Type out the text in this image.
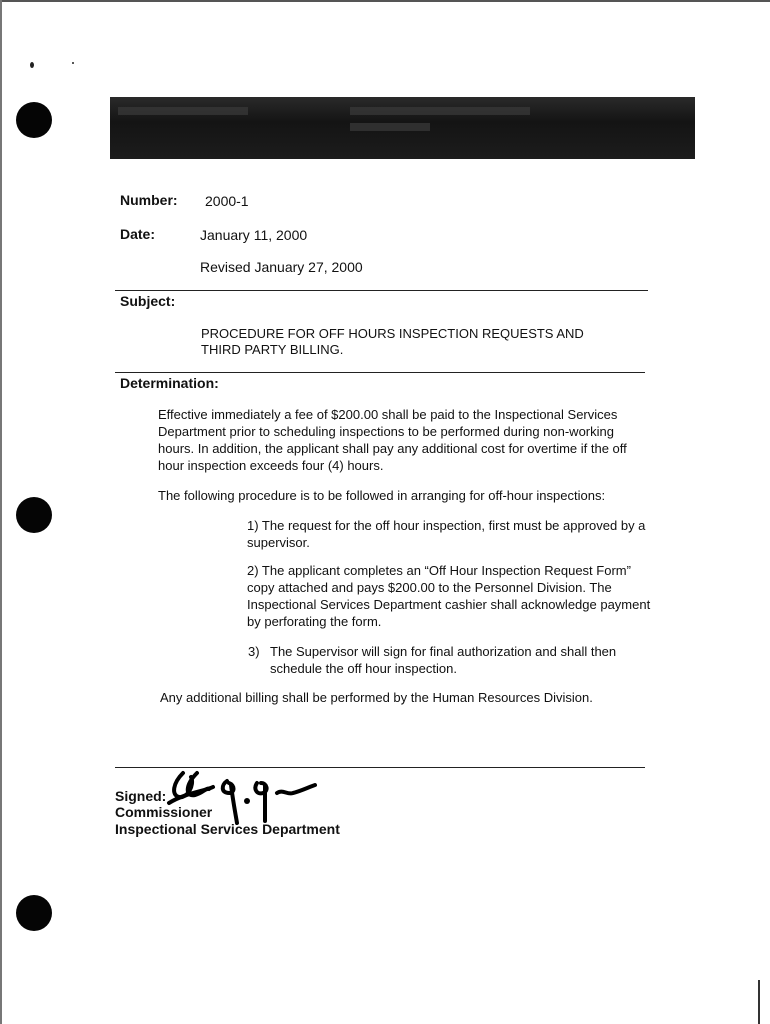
Number: 2000-1
Date:	January 11, 2000
Revised January 27, 2000
Subject:
PROCEDURE FOR OFF HOURS INSPECTION REQUESTS AND
THIRD PARTY BILLING.
Determination:
Effective immediately a fee of $200.00 shall be paid to the Inspectional Services Department prior to scheduling inspections to be performed during non-working hours. In addition, the applicant shall pay any additional cost for overtime if the off hour inspection exceeds four (4) hours.
The following procedure is to be followed in arranging for off-hour inspections:
1) The request for the off hour inspection, first must be approved by a supervisor.
2) The applicant completes an “Off Hour Inspection Request Form” copy attached and pays $200.00 to the Personnel Division. The Inspectional Services Department cashier shall acknowledge payment by perforating the form.
3) The Supervisor will sign for final authorization and shall then schedule the off hour inspection.
Any additional billing shall be performed by the Human Resources Division.
Signed:
Commissioner
Inspectional Services Department
